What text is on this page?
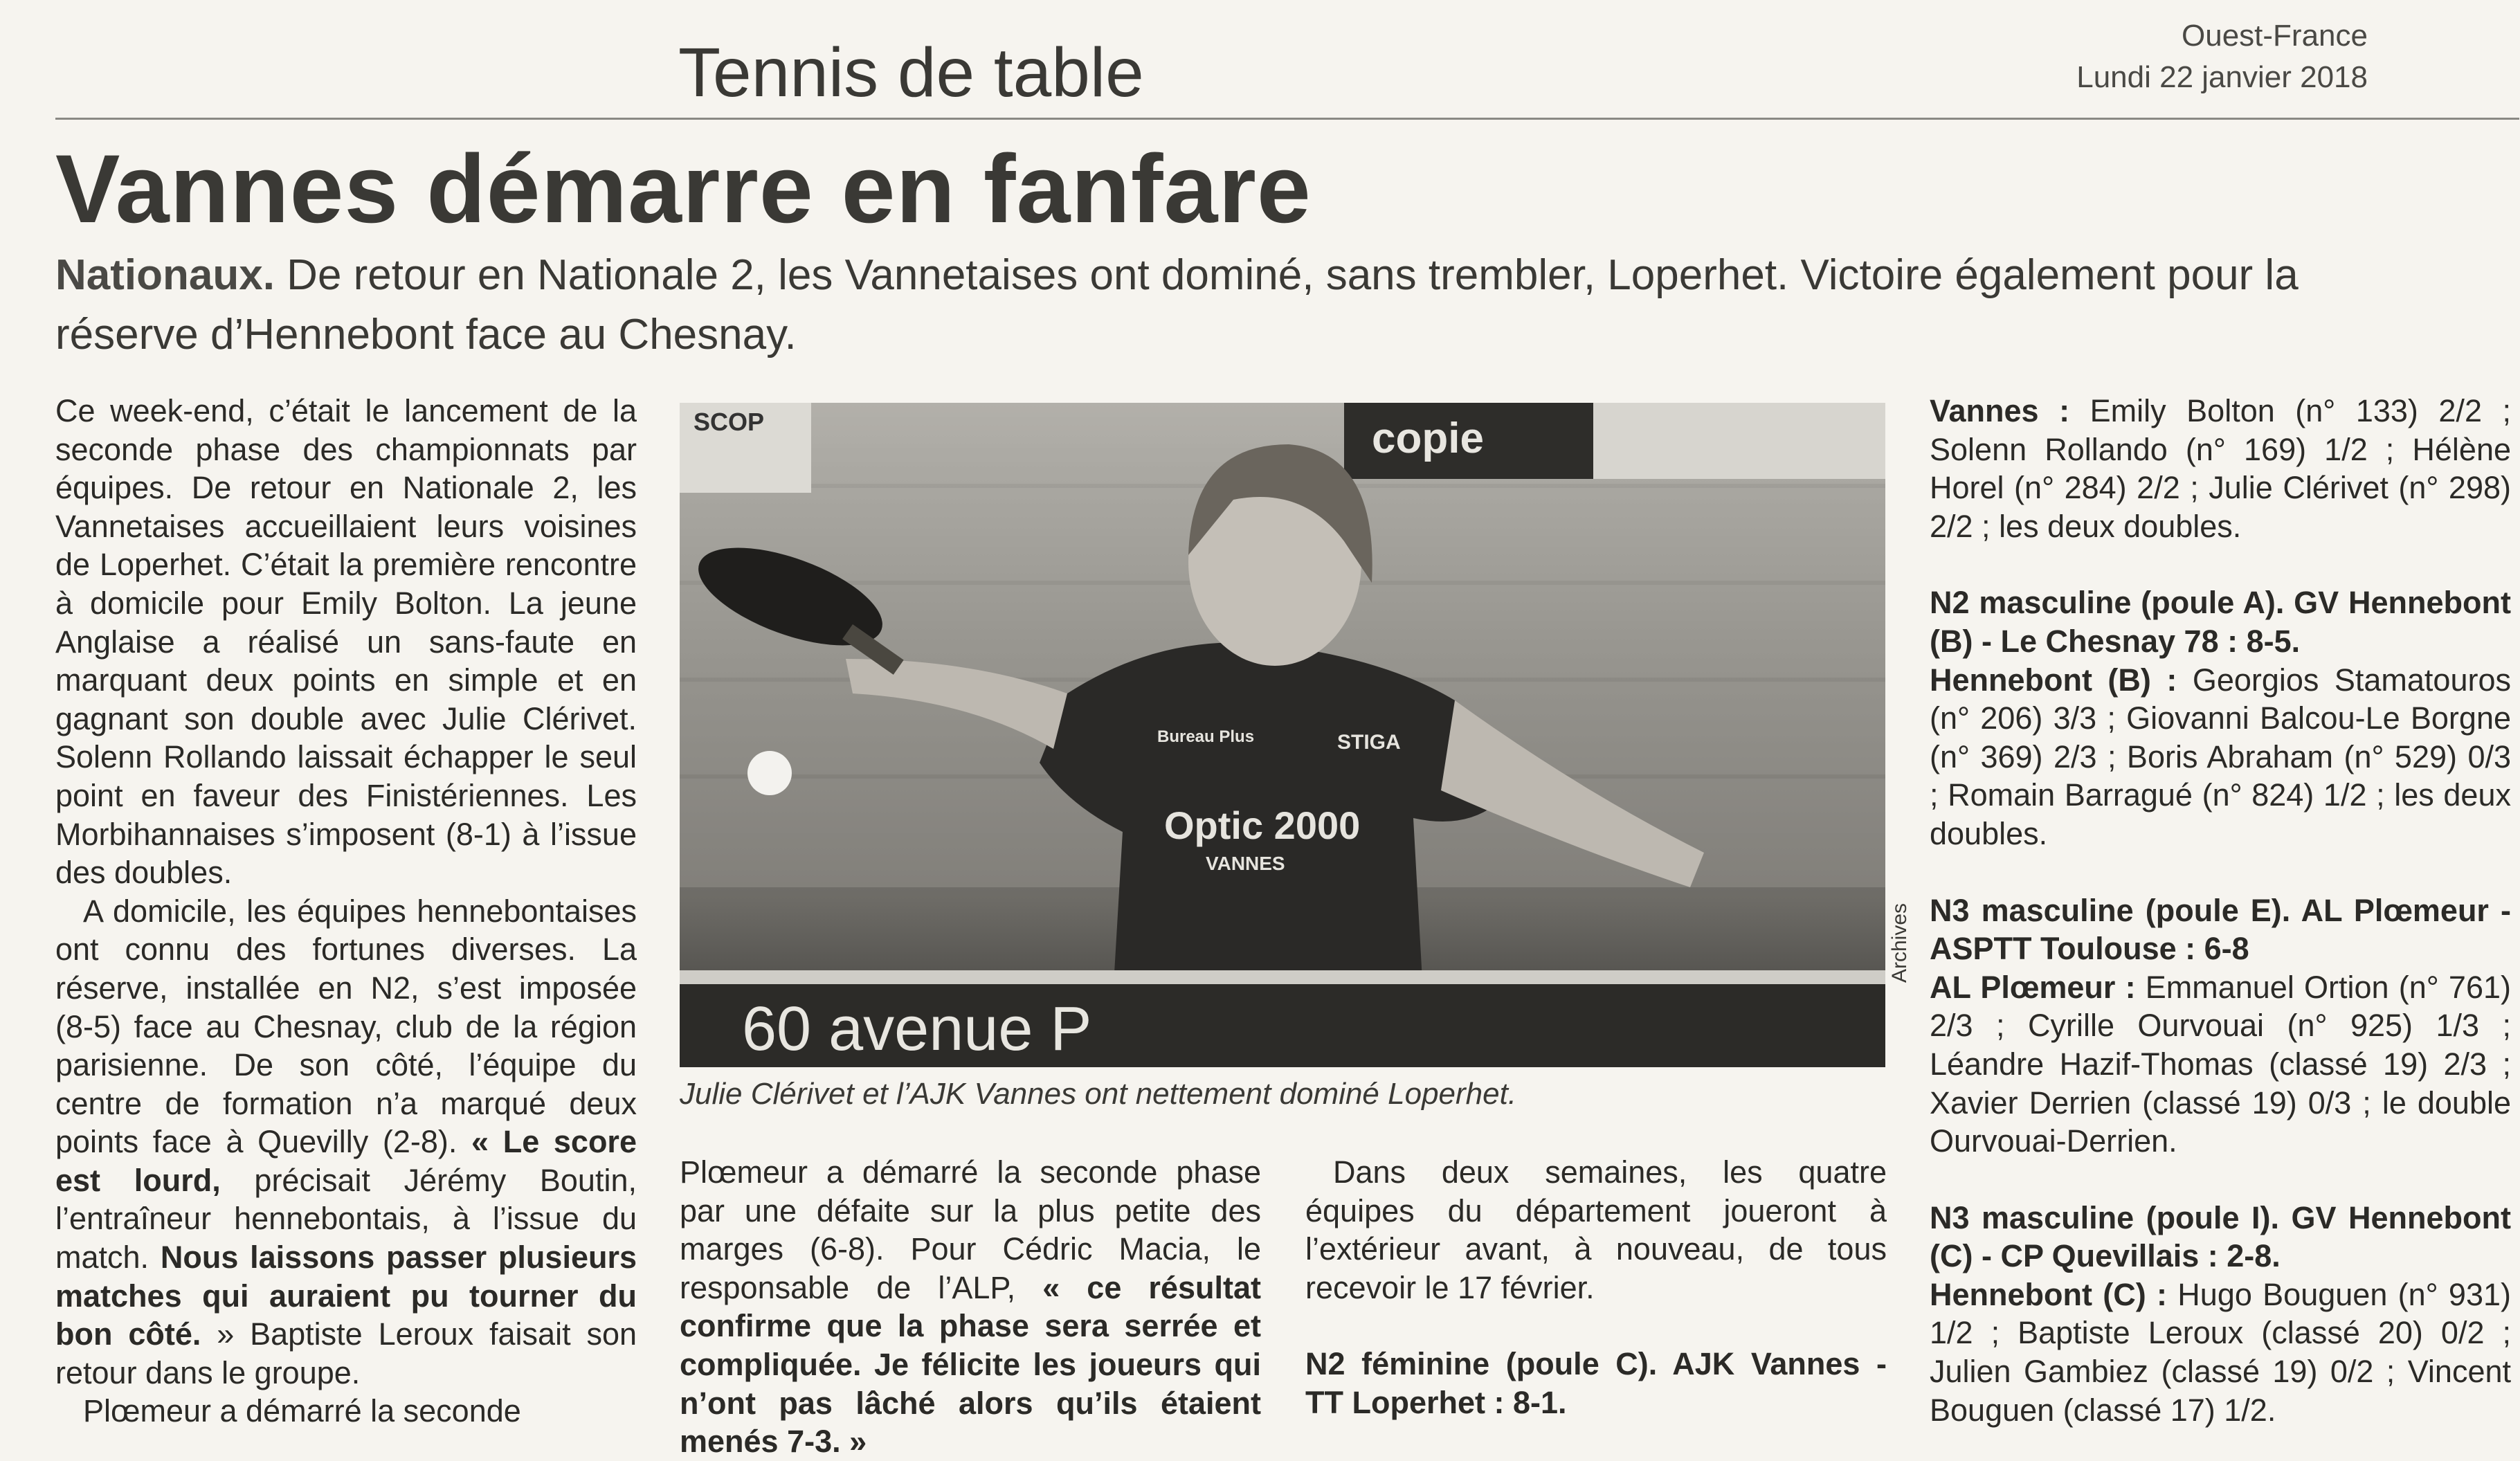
Tennis de table	Ouest-France
Lundi 22 janvier 2018
Vannes démarre en fanfare
Nationaux. De retour en Nationale 2, les Vannetaises ont dominé, sans trembler, Loperhet. Victoire également pour la réserve d’Hennebont face au Chesnay.

Ce week-end, c’était le lancement de la seconde phase des championnats par équipes. De retour en Nationale 2, les Vannetaises accueillaient leurs voisines de Loperhet. C’était la première rencontre à domicile pour Emily Bolton. La jeune Anglaise a réalisé un sans-faute en marquant deux points en simple et en gagnant son double avec Julie Clérivet. Solenn Rollando laissait échapper le seul point en faveur des Finistériennes. Les Morbihannaises s’imposent (8-1) à l’issue des doubles.

A domicile, les équipes hennebontaises ont connu des fortunes diverses. La réserve, installée en N2, s’est imposée (8-5) face au Chesnay, club de la région parisienne. De son côté, l’équipe du centre de formation n’a marqué deux points face à Quevilly (2-8). « Le score est lourd, précisait Jérémy Boutin, l’entraîneur hennebontais, à l’issue du match. Nous laissons passer plusieurs matches qui auraient pu tourner du bon côté. » Baptiste Leroux faisait son retour dans le groupe.

Plœmeur a démarré la seconde

SCOP	copie
Optic 2000
VANNES
STIGA
Bureau Plus
60 avenue P
Archives
Julie Clérivet et l’AJK Vannes ont nettement dominé Loperhet.

Plœmeur a démarré la seconde phase par une défaite sur la plus petite des marges (6-8). Pour Cédric Macia, le responsable de l’ALP, « ce résultat confirme que la phase sera serrée et compliquée. Je félicite les joueurs qui n’ont pas lâché alors qu’ils étaient menés 7-3. »

Dans deux semaines, les quatre équipes du département joueront à l’extérieur avant, à nouveau, de tous recevoir le 17 février.

N2 féminine (poule C). AJK Vannes - TT Loperhet : 8-1.

Vannes : Emily Bolton (n° 133) 2/2 ; Solenn Rollando (n° 169) 1/2 ; Hélène Horel (n° 284) 2/2 ; Julie Clérivet (n° 298) 2/2 ; les deux doubles.

N2 masculine (poule A). GV Hennebont (B) - Le Chesnay 78 : 8-5.
Hennebont (B) : Georgios Stamatouros (n° 206) 3/3 ; Giovanni Balcou-Le Borgne (n° 369) 2/3 ; Boris Abraham (n° 529) 0/3 ; Romain Barragué (n° 824) 1/2 ; les deux doubles.

N3 masculine (poule E). AL Plœmeur - ASPTT Toulouse : 6-8
AL Plœmeur : Emmanuel Ortion (n° 761) 2/3 ; Cyrille Ourvouai (n° 925) 1/3 ; Léandre Hazif-Thomas (classé 19) 2/3 ; Xavier Derrien (classé 19) 0/3 ; le double Ourvouai-Derrien.

N3 masculine (poule I). GV Hennebont (C) - CP Quevillais : 2-8.
Hennebont (C) : Hugo Bouguen (n° 931) 1/2 ; Baptiste Leroux (classé 20) 0/2 ; Julien Gambiez (classé 19) 0/2 ; Vincent Bouguen (classé 17) 1/2.
